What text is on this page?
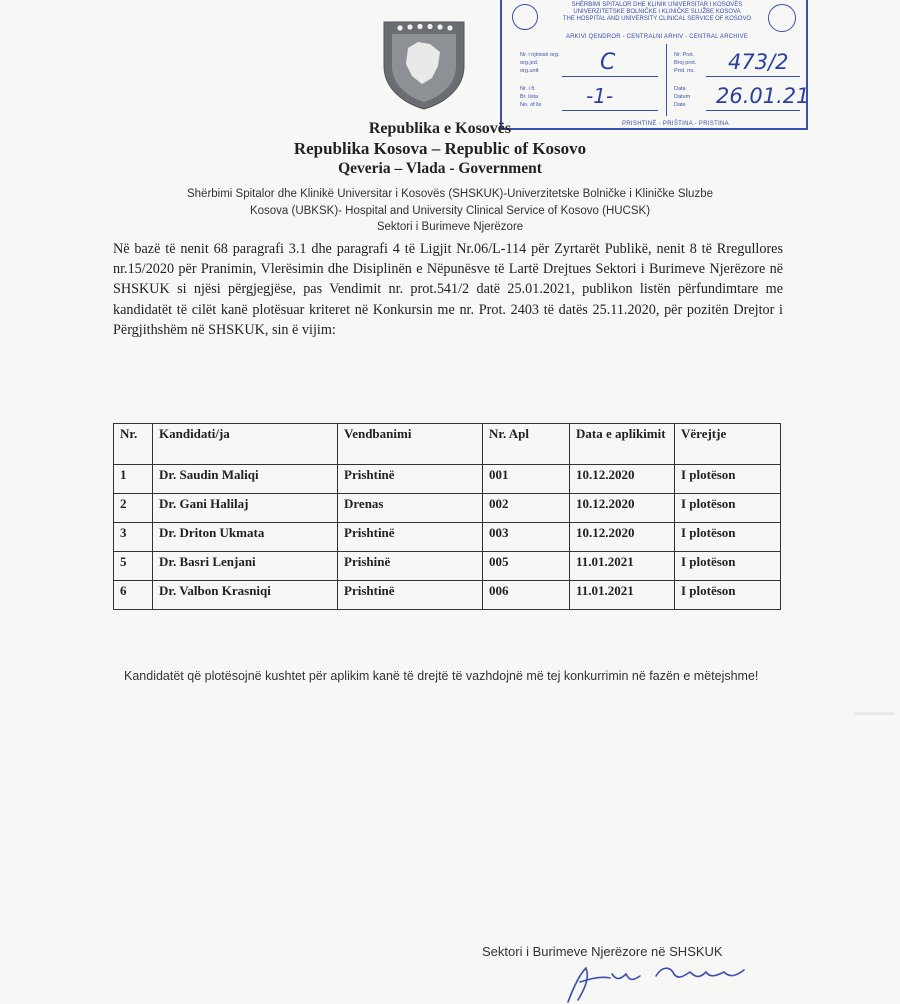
SHËRBIMI SPITALOR DHE KLINIK UNIVERSITAR I KOSOVËS
UNIVERZITETSKE BOLNIČKE I KLINIČKE SLUŽBE KOSOVA
THE HOSPITAL AND UNIVERSITY CLINICAL SERVICE OF KOSOVO
ARKIVI QENDROR - CENTRALNI ARHIV - CENTRAL ARCHIVE
Nr. i njësisë org.
org.jed.
org.unit
Nr. i fl.
Br. lista
No. of lis
C
-1-
Nr. Prot.
Broj prot.
Prot. no.
Data
Datum
Date
473/2
26.01.21
PRISHTINË - PRIŠTINA - PRISTINA
Republika e Kosovës
Republika Kosova – Republic of Kosovo
Qeveria – Vlada - Government
Shërbimi Spitalor dhe Klinikë Universitar i Kosovës (SHSKUK)-Univerzitetske Bolničke i Kliničke Sluzbe
Kosova (UBKSK)- Hospital and University Clinical Service of Kosovo (HUCSK)
Sektori i Burimeve Njerëzore
Në bazë të nenit 68 paragrafi 3.1 dhe paragrafi 4 të Ligjit Nr.06/L-114 për Zyrtarët Publikë, nenit 8 të Rregullores nr.15/2020 për Pranimin, Vlerësimin dhe Disiplinën e Nëpunësve të Lartë Drejtues Sektori i Burimeve Njerëzore në SHSKUK si njësi përgjegjëse, pas Vendimit nr. prot.541/2 datë 25.01.2021, publikon listën përfundimtare me kandidatët të cilët kanë plotësuar kriteret në Konkursin me nr. Prot. 2403 të datës 25.11.2020, për pozitën Drejtor i Përgjithshëm në SHSKUK, sin ë vijim:
Nr.	Kandidati/ja	Vendbanimi	Nr. Apl	Data e aplikimit	Vërejtje
1	Dr. Saudin Maliqi	Prishtinë	001	10.12.2020	I plotëson
2	Dr. Gani Halilaj	Drenas	002	10.12.2020	I plotëson
3	Dr. Driton Ukmata	Prishtinë	003	10.12.2020	I plotëson
5	Dr. Basri Lenjani	Prishinë	005	11.01.2021	I plotëson
6	Dr. Valbon Krasniqi	Prishtinë	006	11.01.2021	I plotëson
Kandidatët që plotësojnë kushtet për aplikim kanë të drejtë të vazhdojnë më tej konkurrimin në fazën e mëtejshme!
Sektori i Burimeve Njerëzore në SHSKUK
